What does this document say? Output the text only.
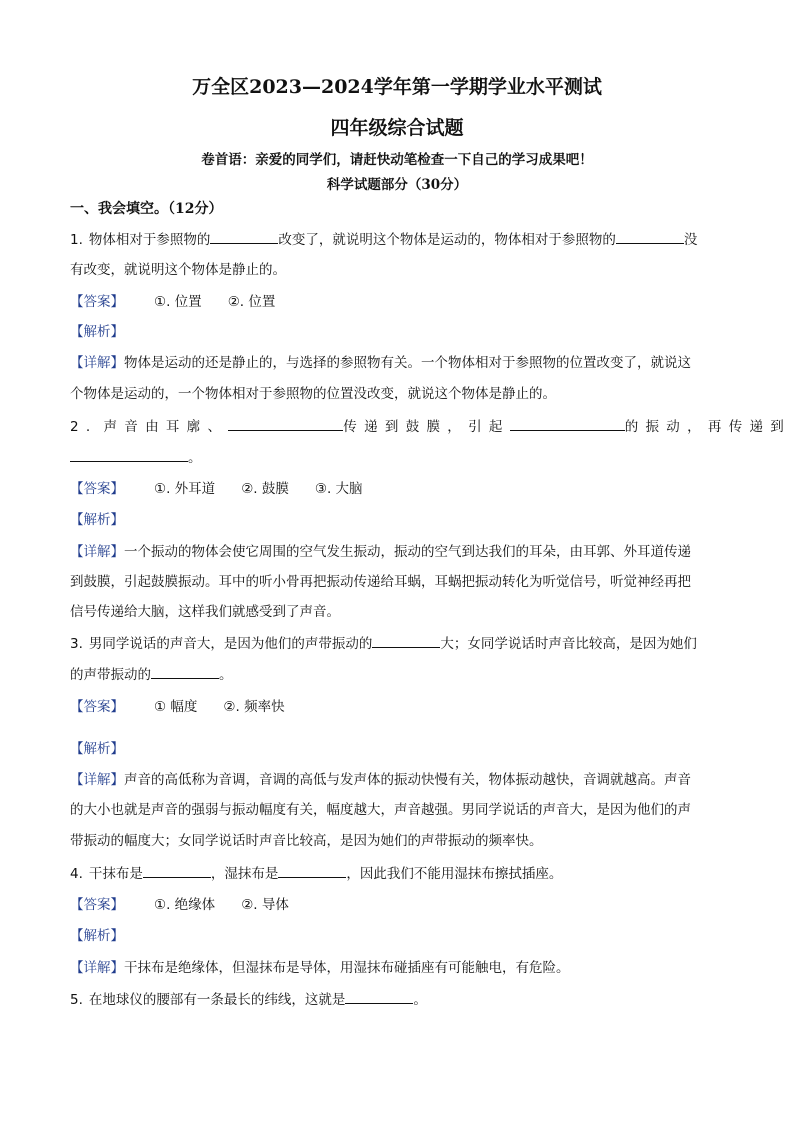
万全区2023—2024学年第一学期学业水平测试
四年级综合试题
卷首语：亲爱的同学们，请赶快动笔检查一下自己的学习成果吧！
科学试题部分（30分）
一、我会填空。（12分）
1. 物体相对于参照物的	改变了，就说明这个物体是运动的，物体相对于参照物的	没
有改变，就说明这个物体是静止的。
【答案】 ①. 位置 ②. 位置
【解析】
【详解】物体是运动的还是静止的，与选择的参照物有关。一个物体相对于参照物的位置改变了，就说这
个物体是运动的，一个物体相对于参照物的位置没改变，就说这个物体是静止的。
2. 声音由耳廓、	传递到鼓膜，引起	的振动，再传递到
。
【答案】 ①. 外耳道 ②. 鼓膜 ③. 大脑
【解析】
【详解】一个振动的物体会使它周围的空气发生振动，振动的空气到达我们的耳朵，由耳郭、外耳道传递
到鼓膜，引起鼓膜振动。耳中的听小骨再把振动传递给耳蜗，耳蜗把振动转化为听觉信号，听觉神经再把
信号传递给大脑，这样我们就感受到了声音。
3. 男同学说话的声音大，是因为他们的声带振动的	大；女同学说话时声音比较高，是因为她们
的声带振动的	。
【答案】 ① 幅度 ②. 频率快
【解析】
【详解】声音的高低称为音调，音调的高低与发声体的振动快慢有关，物体振动越快，音调就越高。声音
的大小也就是声音的强弱与振动幅度有关，幅度越大，声音越强。男同学说话的声音大，是因为他们的声
带振动的幅度大；女同学说话时声音比较高，是因为她们的声带振动的频率快。
4. 干抹布是	，湿抹布是	，因此我们不能用湿抹布擦拭插座。
【答案】 ①. 绝缘体 ②. 导体
【解析】
【详解】干抹布是绝缘体，但湿抹布是导体，用湿抹布碰插座有可能触电，有危险。
5. 在地球仪的腰部有一条最长的纬线，这就是	。
